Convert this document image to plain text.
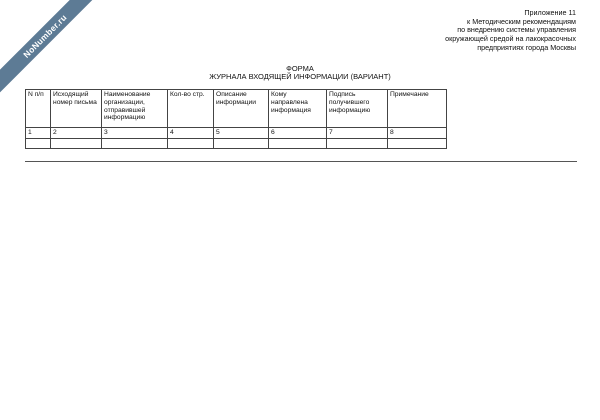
NoNumber.ru	Приложение 11
к Методическим рекомендациям
по внедрению системы управления
окружающей средой на лакокрасочных
предприятиях города Москвы
ФОРМА
ЖУРНАЛА ВХОДЯЩЕЙ ИНФОРМАЦИИ (ВАРИАНТ)
N п/п	Исходящий номер письма	Наименование организации, отправившей информацию	Кол-во стр.	Описание информации	Кому направлена информация	Подпись получившего информацию	Примечание
1	2	3	4	5	6	7	8
